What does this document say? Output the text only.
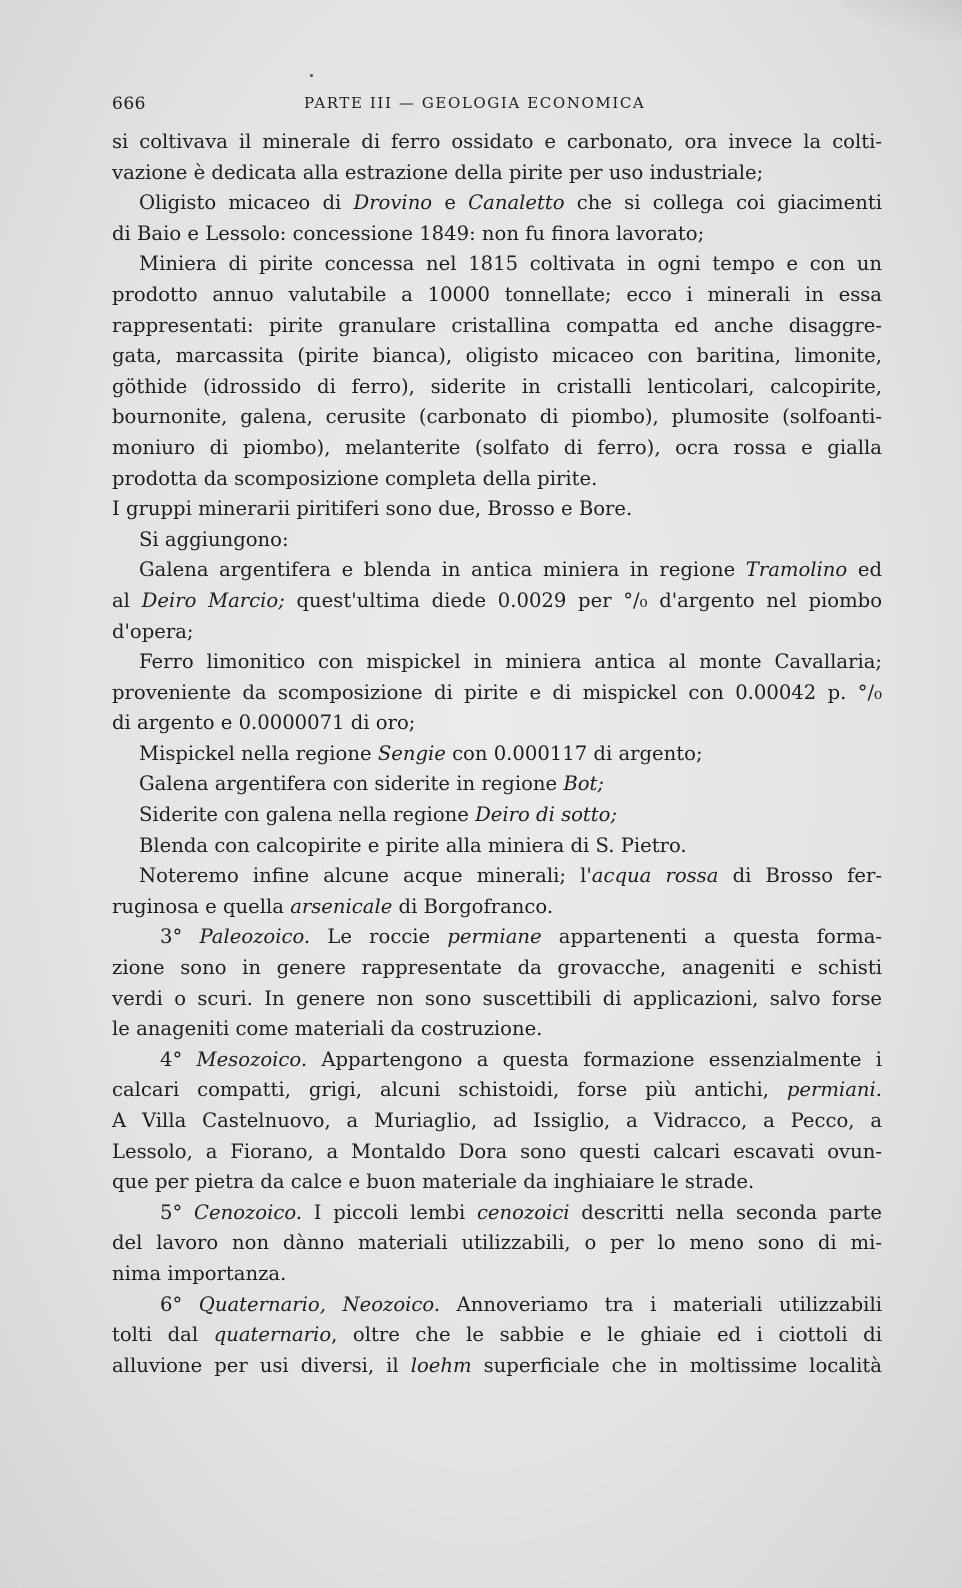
666	PARTE III — GEOLOGIA ECONOMICA
si coltivava il minerale di ferro ossidato e carbonato, ora invece la colti-
vazione è dedicata alla estrazione della pirite per uso industriale;
Oligisto micaceo di Drovino e Canaletto che si collega coi giacimenti
di Baio e Lessolo: concessione 1849: non fu finora lavorato;
Miniera di pirite concessa nel 1815 coltivata in ogni tempo e con un
prodotto annuo valutabile a 10000 tonnellate; ecco i minerali in essa
rappresentati: pirite granulare cristallina compatta ed anche disaggre-
gata, marcassita (pirite bianca), oligisto micaceo con baritina, limonite,
göthide (idrossido di ferro), siderite in cristalli lenticolari, calcopirite,
bournonite, galena, cerusite (carbonato di piombo), plumosite (solfoanti-
moniuro di piombo), melanterite (solfato di ferro), ocra rossa e gialla
prodotta da scomposizione completa della pirite.
I gruppi minerarii piritiferi sono due, Brosso e Bore.
Si aggiungono:
Galena argentifera e blenda in antica miniera in regione Tramolino ed
al Deiro Marcio; quest'ultima diede 0.0029 per °/₀ d'argento nel piombo
d'opera;
Ferro limonitico con mispickel in miniera antica al monte Cavallaria;
proveniente da scomposizione di pirite e di mispickel con 0.00042 p. °/₀
di argento e 0.0000071 di oro;
Mispickel nella regione Sengie con 0.000117 di argento;
Galena argentifera con siderite in regione Bot;
Siderite con galena nella regione Deiro di sotto;
Blenda con calcopirite e pirite alla miniera di S. Pietro.
Noteremo infine alcune acque minerali; l'acqua rossa di Brosso fer-
ruginosa e quella arsenicale di Borgofranco.
3° Paleozoico. Le roccie permiane appartenenti a questa forma-
zione sono in genere rappresentate da grovacche, anageniti e schisti
verdi o scuri. In genere non sono suscettibili di applicazioni, salvo forse
le anageniti come materiali da costruzione.
4° Mesozoico. Appartengono a questa formazione essenzialmente i
calcari compatti, grigi, alcuni schistoidi, forse più antichi, permiani.
A Villa Castelnuovo, a Muriaglio, ad Issiglio, a Vidracco, a Pecco, a
Lessolo, a Fiorano, a Montaldo Dora sono questi calcari escavati ovun-
que per pietra da calce e buon materiale da inghiaiare le strade.
5° Cenozoico. I piccoli lembi cenozoici descritti nella seconda parte
del lavoro non dànno materiali utilizzabili, o per lo meno sono di mi-
nima importanza.
6° Quaternario, Neozoico. Annoveriamo tra i materiali utilizzabili
tolti dal quaternario, oltre che le sabbie e le ghiaie ed i ciottoli di
alluvione per usi diversi, il loehm superficiale che in moltissime località
